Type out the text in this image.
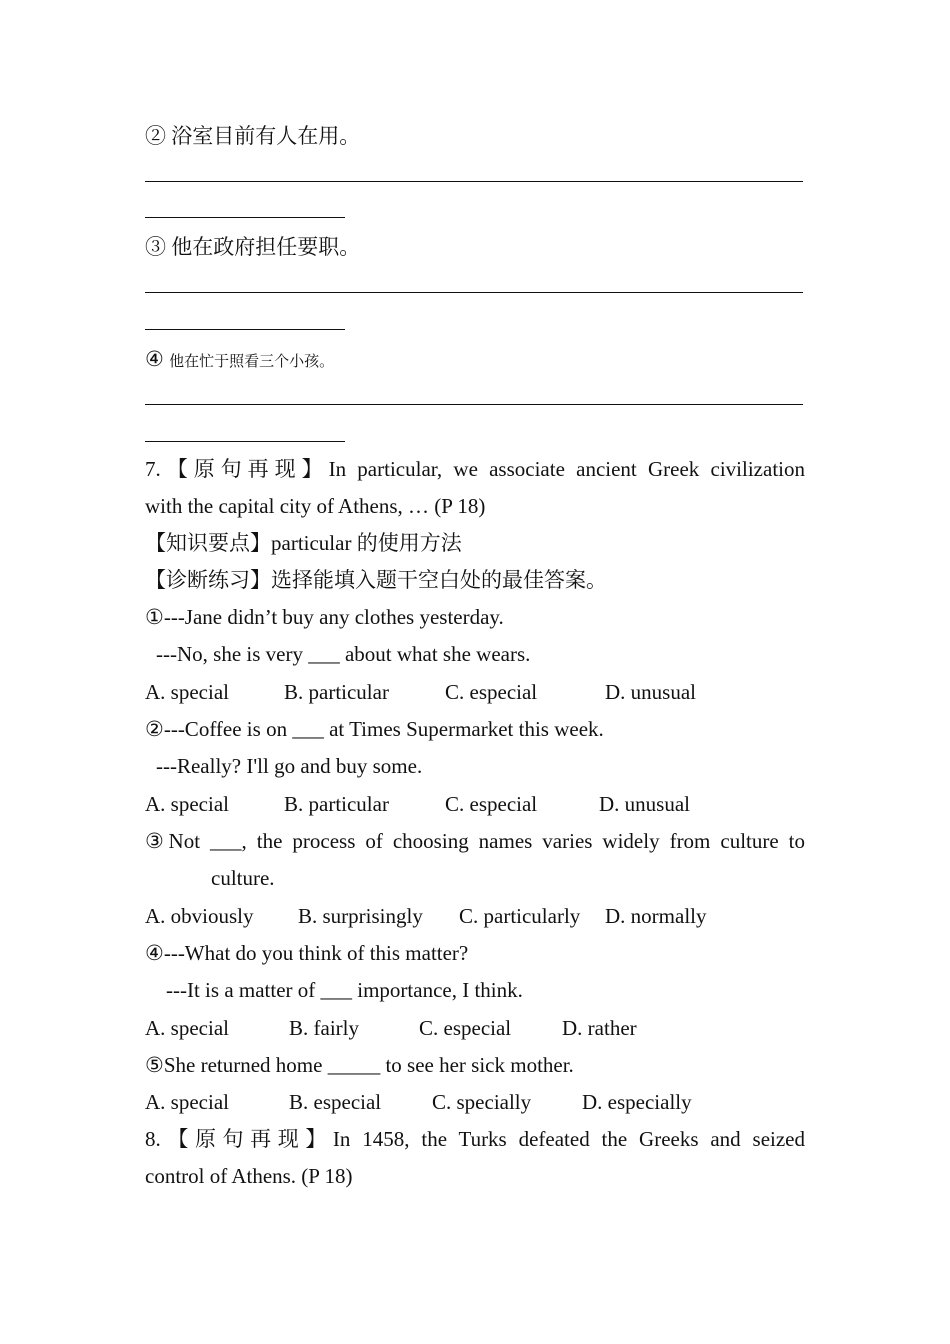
② 浴室目前有人在用。
③ 他在政府担任要职。
④ 他在忙于照看三个小孩。
7.【原句再现】In particular, we associate ancient Greek civilization
with the capital city of Athens, … (P 18)
【知识要点】particular 的使用方法
【诊断练习】选择能填入题干空白处的最佳答案。
①---Jane didn’t buy any clothes yesterday.
---No, she is very ___ about what she wears.
A. special	B. particular	C. especial	D. unusual
②---Coffee is on ___ at Times Supermarket this week.
---Really? I'll go and buy some.
A. special	B. particular	C. especial	D. unusual
③Not ___, the process of choosing names varies widely from culture to
culture.
A. obviously B. surprisingly C. particularly D. normally
④---What do you think of this matter?
---It is a matter of ___ importance, I think.
A. special	B. fairly	C. especial D. rather
⑤She returned home _____ to see her sick mother.
A. special	B. especial C. specially D. especially
8.【原句再现】In 1458, the Turks defeated the Greeks and seized
control of Athens. (P 18)
